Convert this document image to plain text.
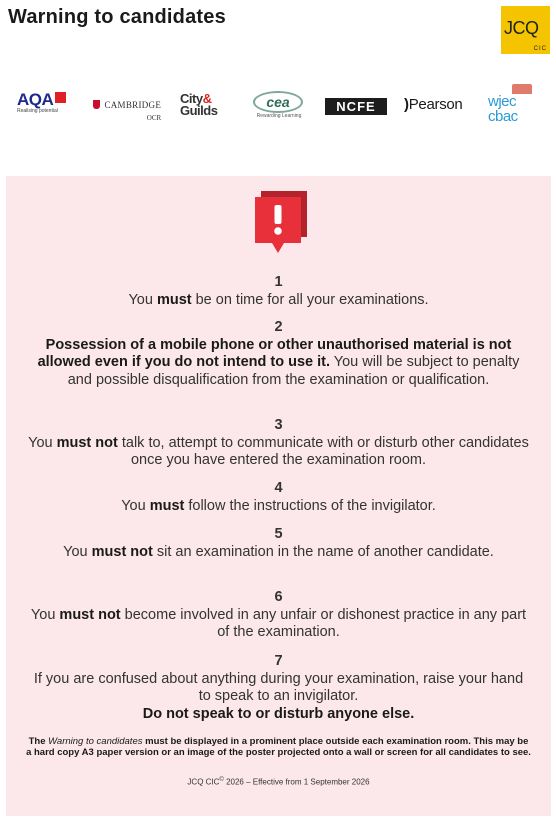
Warning to candidates	JCQ
CIC
AQA
Realising potential
CAMBRIDGE
OCR
City&
Guilds
cea
Rewarding Learning
NCFE	)Pearson wjec
cbac
1
You must be on time for all your examinations.
2
Possession of a mobile phone or other unauthorised material is not allowed even if you do not intend to use it. You will be subject to penalty and possible disqualification from the examination or qualification.
3
You must not talk to, attempt to communicate with or disturb other candidates once you have entered the examination room.
4
You must follow the instructions of the invigilator.
5
You must not sit an examination in the name of another candidate.
6
You must not become involved in any unfair or dishonest practice in any part of the examination.
7
If you are confused about anything during your examination, raise your hand to speak to an invigilator.
Do not speak to or disturb anyone else.
The Warning to candidates must be displayed in a prominent place outside each examination room. This may be a hard copy A3 paper version or an image of the poster projected onto a wall or screen for all candidates to see.
JCQ CIC© 2026 – Effective from 1 September 2026
